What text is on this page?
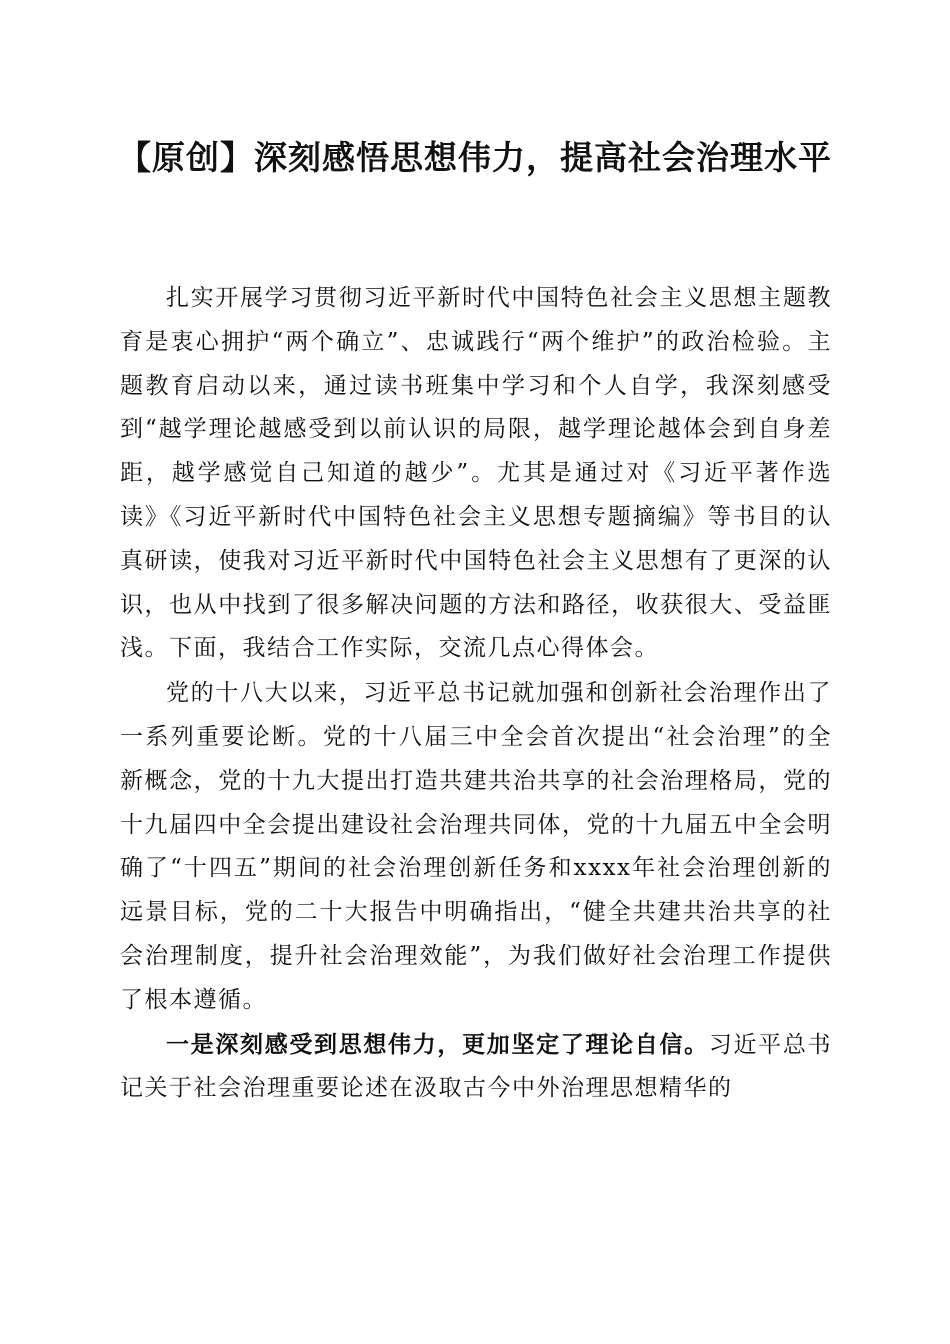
【原创】深刻感悟思想伟力，提高社会治理水平

扎实开展学习贯彻习近平新时代中国特色社会主义思想主题教育是衷心拥护“两个确立”、忠诚践行“两个维护”的政治检验。主题教育启动以来，通过读书班集中学习和个人自学，我深刻感受到“越学理论越感受到以前认识的局限，越学理论越体会到自身差距，越学感觉自己知道的越少”。尤其是通过对《习近平著作选读》《习近平新时代中国特色社会主义思想专题摘编》等书目的认真研读，使我对习近平新时代中国特色社会主义思想有了更深的认识，也从中找到了很多解决问题的方法和路径，收获很大、受益匪浅。下面，我结合工作实际，交流几点心得体会。

党的十八大以来，习近平总书记就加强和创新社会治理作出了一系列重要论断。党的十八届三中全会首次提出“社会治理”的全新概念，党的十九大提出打造共建共治共享的社会治理格局，党的十九届四中全会提出建设社会治理共同体，党的十九届五中全会明确了“十四五”期间的社会治理创新任务和xxxx年社会治理创新的远景目标，党的二十大报告中明确指出，“健全共建共治共享的社会治理制度，提升社会治理效能”，为我们做好社会治理工作提供了根本遵循。

一是深刻感受到思想伟力，更加坚定了理论自信。习近平总书记关于社会治理重要论述在汲取古今中外治理思想精华的
